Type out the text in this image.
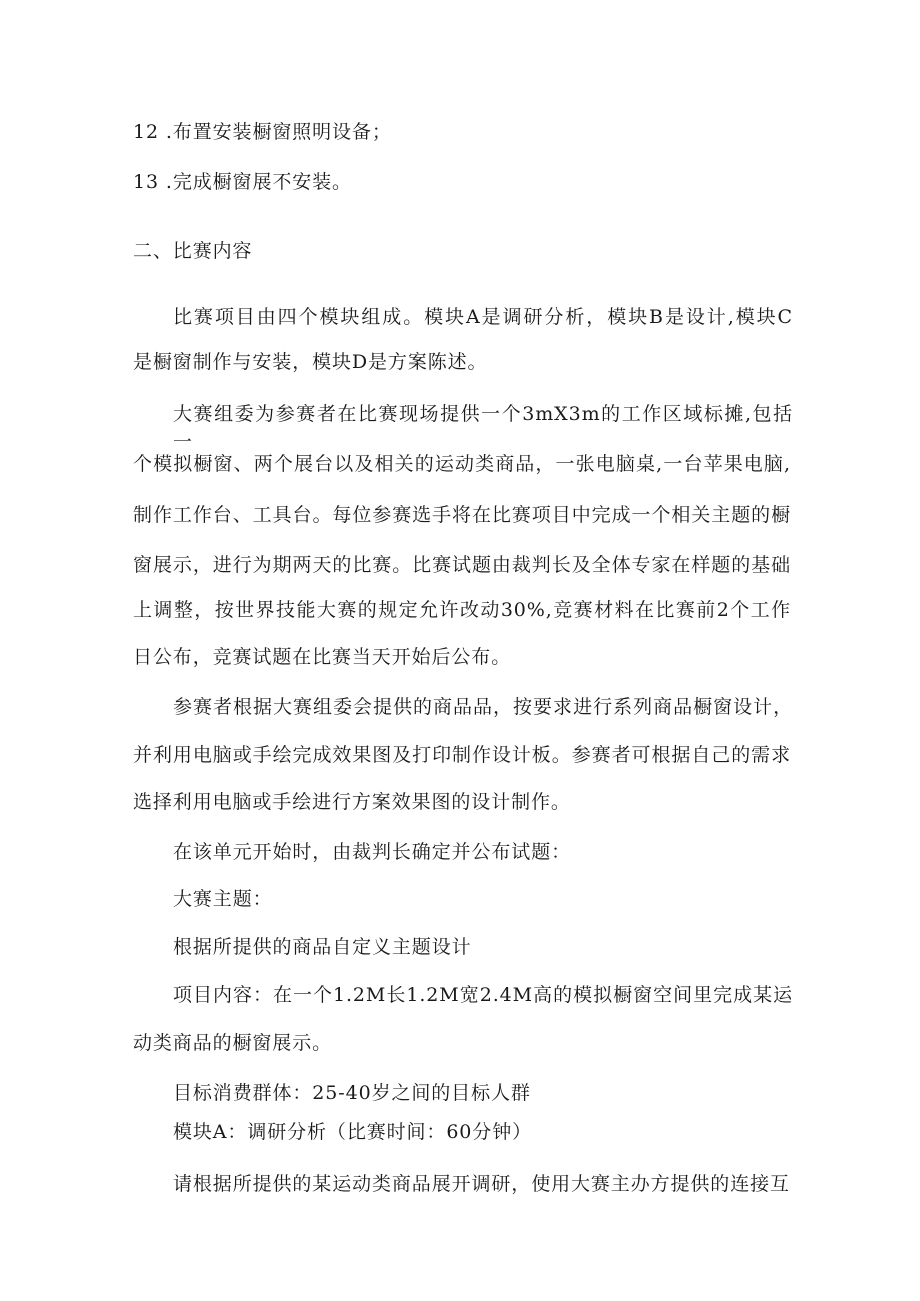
12 .布置安装橱窗照明设备；

13 .完成橱窗展不安装。

二、比赛内容

比赛项目由四个模块组成。模块A是调研分析，模块B是设计,模块C

是橱窗制作与安装，模块D是方案陈述。

大赛组委为参赛者在比赛现场提供一个3mX3m的工作区域标摊,包括一

个模拟橱窗、两个展台以及相关的运动类商品，一张电脑桌,一台苹果电脑,

制作工作台、工具台。每位参赛选手将在比赛项目中完成一个相关主题的橱

窗展示，进行为期两天的比赛。比赛试题由裁判长及全体专家在样题的基础

上调整，按世界技能大赛的规定允许改动30%,竞赛材料在比赛前2个工作

日公布，竞赛试题在比赛当天开始后公布。

参赛者根据大赛组委会提供的商品品，按要求进行系列商品橱窗设计，

并利用电脑或手绘完成效果图及打印制作设计板。参赛者可根据自己的需求

选择利用电脑或手绘进行方案效果图的设计制作。

在该单元开始时，由裁判长确定并公布试题：

大赛主题：

根据所提供的商品自定义主题设计

项目内容：在一个1.2M长1.2M宽2.4M高的模拟橱窗空间里完成某运

动类商品的橱窗展示。

目标消费群体：25-40岁之间的目标人群

模块A：调研分析（比赛时间：60分钟）

请根据所提供的某运动类商品展开调研，使用大赛主办方提供的连接互
